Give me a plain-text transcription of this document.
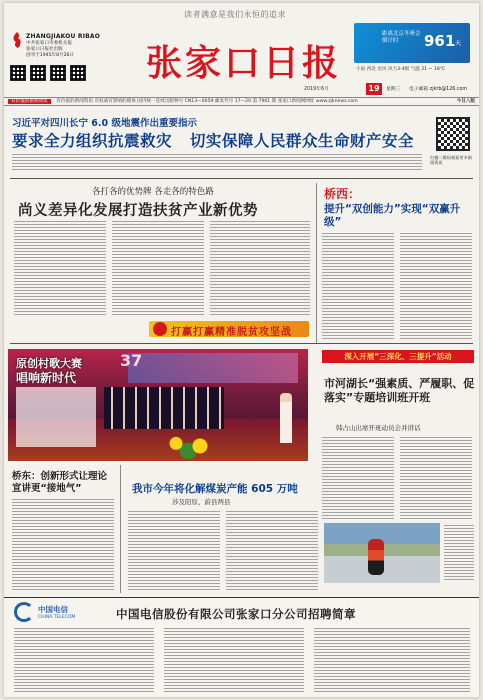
ZHANGJIAKOU RIBAO
中共张家口市委机关报
张家口日报社出版
创刊于1945年8月26日
读者满意是我们永恒的追求
张家口日报
距离北京冬奥会
倒计时	961 天
小雨 西北 北风 风力3-4级 气温 21 ~ 18℃
2019年6月	19	星期三 电子邮箱 zjkrb@126.com
有价值的新闻资讯 有价值的新闻资讯 有权威有影响的媒体 国内统一连续出版物号 CN13—0059 邮发代号 17—20 第 7961 期 张家口新闻网网址 www.zjknews.com	今日八版
习近平对四川长宁 6.0 级地震作出重要指示
要求全力组织抗震救灾 切实保障人民群众生命财产安全
扫描二维码观看更多新闻资讯
各打各的优势牌 各走各的特色路
尚义差异化发展打造扶贫产业新优势
桥西：
提升“双创能力”实现“双赢升级”
打赢打赢精准脱贫攻坚战
37
原创村歌大赛
唱响新时代
深入开展“三深化、三提升”活动
市河湖长“强素质、严履职、促落实”专题培训班开班
韩占山出席开班动员会并讲话
桥东：创新形式让理论宣讲更“接地气”	我市今年将化解煤炭产能 605 万吨
涉及阳原、蔚县两县
中国电信
CHINA TELECOM	中国电信股份有限公司张家口分公司招聘简章
